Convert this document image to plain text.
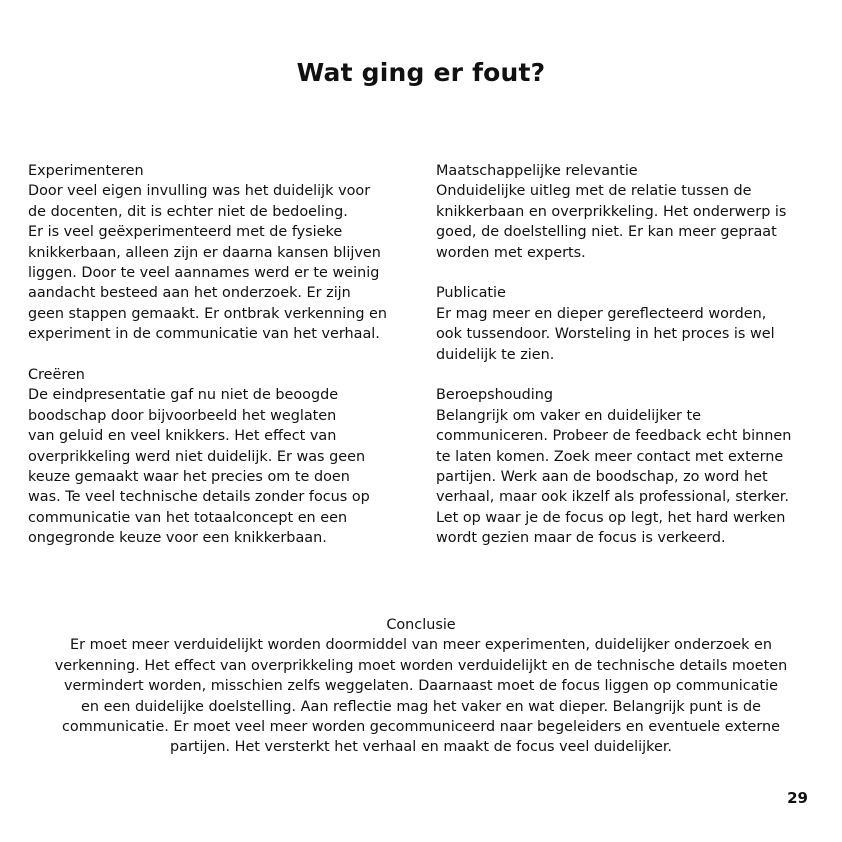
Wat ging er fout?
Experimenteren
Door veel eigen invulling was het duidelijk voor
de docenten, dit is echter niet de bedoeling.
Er is veel geëxperimenteerd met de fysieke
knikkerbaan, alleen zijn er daarna kansen blijven
liggen. Door te veel aannames werd er te weinig
aandacht besteed aan het onderzoek. Er zijn
geen stappen gemaakt. Er ontbrak verkenning en
experiment in de communicatie van het verhaal.
Creëren
De eindpresentatie gaf nu niet de beoogde
boodschap door bijvoorbeeld het weglaten
van geluid en veel knikkers. Het effect van
overprikkeling werd niet duidelijk. Er was geen
keuze gemaakt waar het precies om te doen
was. Te veel technische details zonder focus op
communicatie van het totaalconcept en een
ongegronde keuze voor een knikkerbaan.
Maatschappelijke relevantie
Onduidelijke uitleg met de relatie tussen de
knikkerbaan en overprikkeling. Het onderwerp is
goed, de doelstelling niet. Er kan meer gepraat
worden met experts.
Publicatie
Er mag meer en dieper gereflecteerd worden,
ook tussendoor. Worsteling in het proces is wel
duidelijk te zien.
Beroepshouding
Belangrijk om vaker en duidelijker te
communiceren. Probeer de feedback echt binnen
te laten komen. Zoek meer contact met externe
partijen. Werk aan de boodschap, zo word het
verhaal, maar ook ikzelf als professional, sterker.
Let op waar je de focus op legt, het hard werken
wordt gezien maar de focus is verkeerd.
Conclusie
Er moet meer verduidelijkt worden doormiddel van meer experimenten, duidelijker onderzoek en
verkenning. Het effect van overprikkeling moet worden verduidelijkt en de technische details moeten
vermindert worden, misschien zelfs weggelaten. Daarnaast moet de focus liggen op communicatie
en een duidelijke doelstelling. Aan reflectie mag het vaker en wat dieper. Belangrijk punt is de
communicatie. Er moet veel meer worden gecommuniceerd naar begeleiders en eventuele externe
partijen. Het versterkt het verhaal en maakt de focus veel duidelijker.
29
